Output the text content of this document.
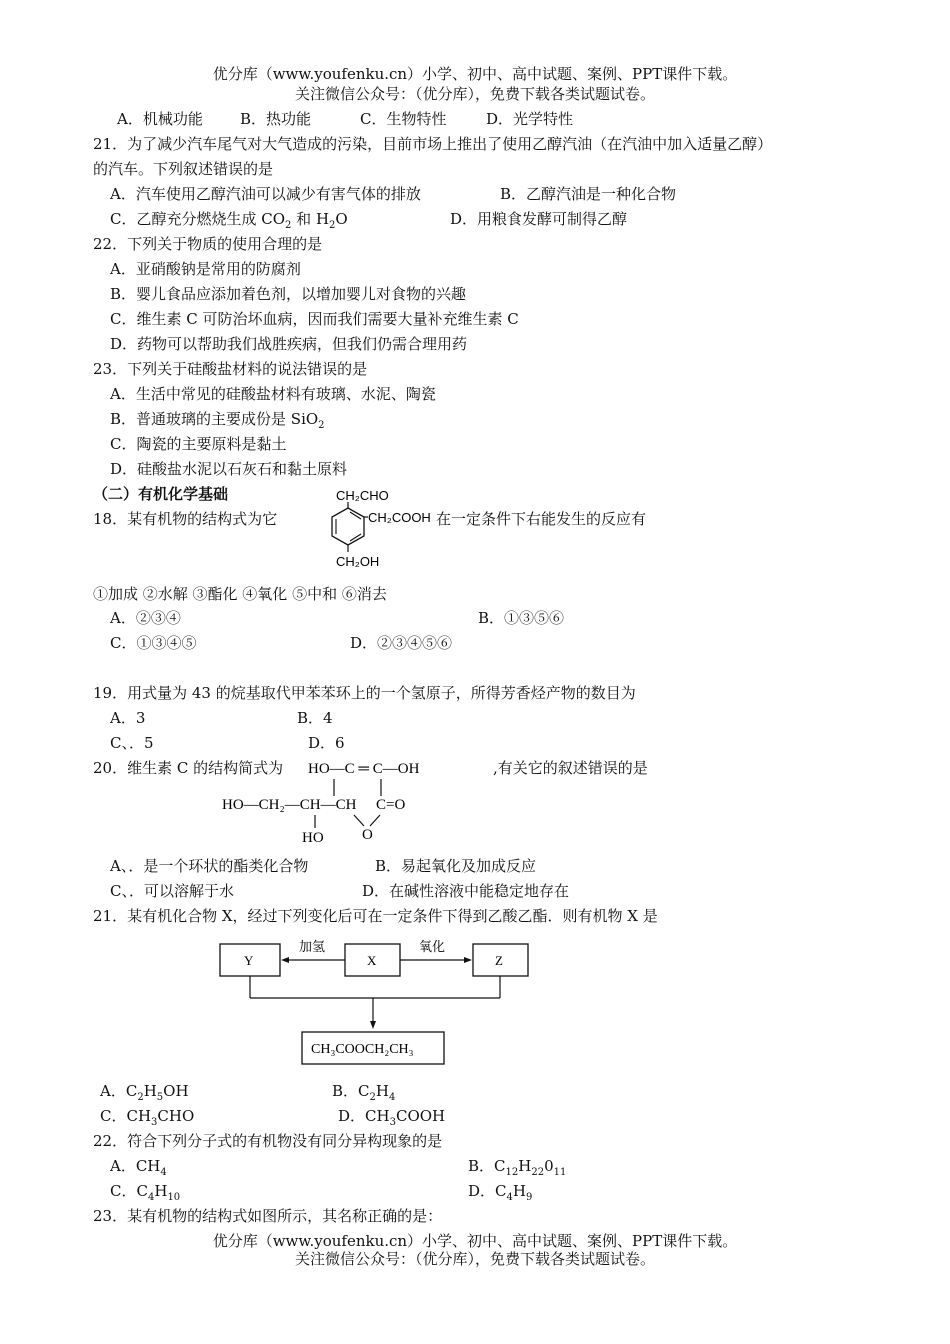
优分库（www.youfenku.cn）小学、初中、高中试题、案例、PPT课件下载。
关注微信公众号：（优分库），免费下载各类试题试卷。
A．机械功能 B．热功能	C．生物特性	D．光学特性
21．为了减少汽车尾气对大气造成的污染，目前市场上推出了使用乙醇汽油（在汽油中加入适量乙醇）
的汽车。下列叙述错误的是
A．汽车使用乙醇汽油可以减少有害气体的排放	B．乙醇汽油是一种化合物
C．乙醇充分燃烧生成 $CO_2$ 和 $H_2O$	D．用粮食发酵可制得乙醇
22．下列关于物质的使用合理的是
A．亚硝酸钠是常用的防腐剂
B．婴儿食品应添加着色剂，以增加婴儿对食物的兴趣
C．维生素 C 可防治坏血病，因而我们需要大量补充维生素 C
D．药物可以帮助我们战胜疾病，但我们仍需合理用药
23．下列关于硅酸盐材料的说法错误的是
A．生活中常见的硅酸盐材料有玻璃、水泥、陶瓷
B．普通玻璃的主要成份是 SiO$_2$
C．陶瓷的主要原料是黏土
D．硅酸盐水泥以石灰石和黏土原料
（二）有机化学基础
18．某有机物的结构式为它
CH₂CHO
CH₂COOH
CH₂OH
在一定条件下右能发生的反应有
①加成 ②水解 ③酯化 ④氧化 ⑤中和 ⑥消去
A．②③④	B．①③⑤⑥
C．①③④⑤	D．②③④⑤⑥
19．用式量为 43 的烷基取代甲苯苯环上的一个氢原子，所得芳香烃产物的数目为
A．3	B．4
C、．5	D．6
20．维生素 C 的结构简式为 HO—C ═ C—OH
HO—CH₂—CH—CH C=O
HO	O
,有关它的叙述错误的是
A、．是一个环状的酯类化合物	B．易起氧化及加成反应
C、．可以溶解于水	D．在碱性溶液中能稳定地存在
21．某有机化合物 X，经过下列变化后可在一定条件下得到乙酸乙酯．则有机物 X 是
Y	X	Z
加氢	氧化
CH₃COOCH₂CH₃
A．$C_2H_5OH$	B．$C_2H_4$
C．$CH_3CHO$	D．$CH_3COOH$
22．符合下列分子式的有机物没有同分异构现象的是
A．$CH_4$	B．$C_{12}H_{22}0_{11}$
C．$C_4H_{10}$	D．$C_4H_9$
23．某有机物的结构式如图所示，其名称正确的是：
优分库（www.youfenku.cn）小学、初中、高中试题、案例、PPT课件下载。
关注微信公众号：（优分库），免费下载各类试题试卷。
